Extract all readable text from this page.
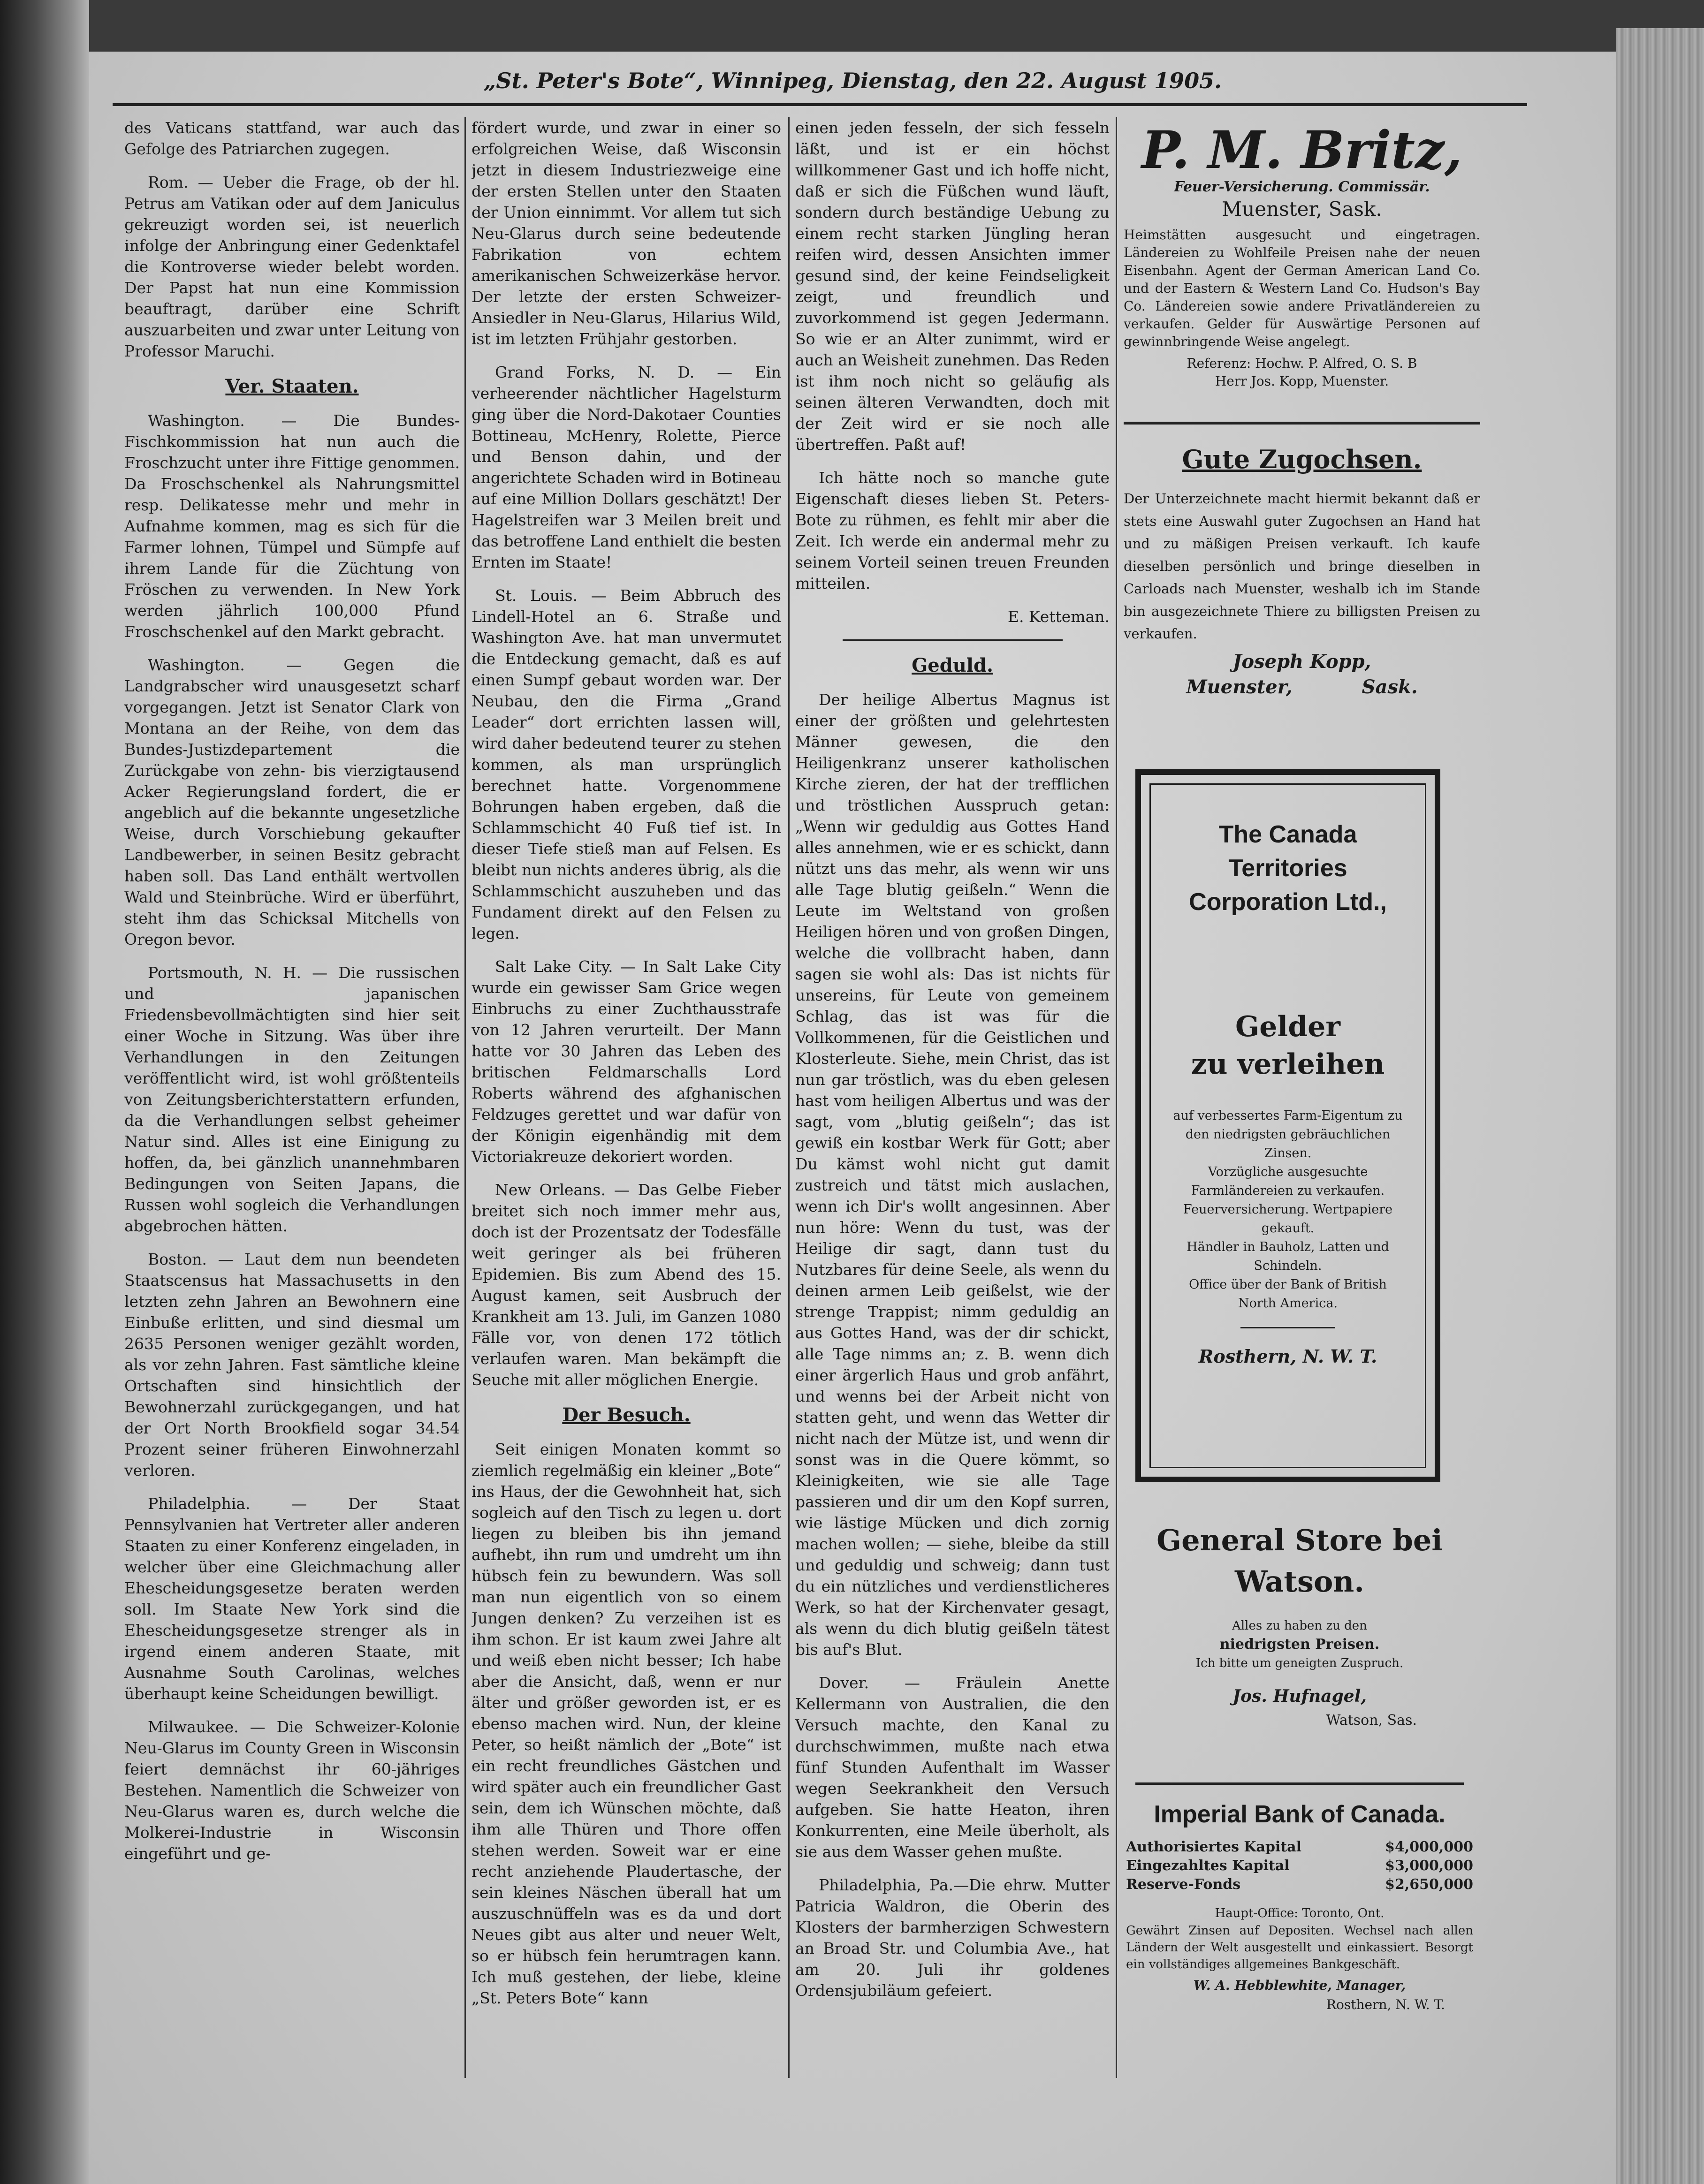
„St. Peter's Bote“, Winnipeg, Dienstag, den 22. August 1905.

des Vaticans stattfand, war auch das Gefolge des Patriarchen zugegen.

Rom. — Ueber die Frage, ob der hl. Petrus am Vatikan oder auf dem Janiculus gekreuzigt worden sei, ist neuerlich infolge der Anbringung einer Gedenktafel die Kontroverse wieder belebt worden. Der Papst hat nun eine Kommission beauftragt, darüber eine Schrift auszuarbeiten und zwar unter Leitung von Professor Maruchi.

Ver. Staaten.

Washington. — Die Bundes-Fischkommission hat nun auch die Froschzucht unter ihre Fittige genommen. Da Froschschenkel als Nahrungsmittel resp. Delikatesse mehr und mehr in Aufnahme kommen, mag es sich für die Farmer lohnen, Tümpel und Sümpfe auf ihrem Lande für die Züchtung von Fröschen zu verwenden. In New York werden jährlich 100,000 Pfund Froschschenkel auf den Markt gebracht.

Washington. — Gegen die Landgrabscher wird unausgesetzt scharf vorgegangen. Jetzt ist Senator Clark von Montana an der Reihe, von dem das Bundes-Justizdepartement die Zurückgabe von zehn- bis vierzigtausend Acker Regierungsland fordert, die er angeblich auf die bekannte ungesetzliche Weise, durch Vorschiebung gekaufter Landbewerber, in seinen Besitz gebracht haben soll. Das Land enthält wertvollen Wald und Steinbrüche. Wird er überführt, steht ihm das Schicksal Mitchells von Oregon bevor.

Portsmouth, N. H. — Die russischen und japanischen Friedensbevollmächtigten sind hier seit einer Woche in Sitzung. Was über ihre Verhandlungen in den Zeitungen veröffentlicht wird, ist wohl größtenteils von Zeitungsberichterstattern erfunden, da die Verhandlungen selbst geheimer Natur sind. Alles ist eine Einigung zu hoffen, da, bei gänzlich unannehmbaren Bedingungen von Seiten Japans, die Russen wohl sogleich die Verhandlungen abgebrochen hätten.

Boston. — Laut dem nun beendeten Staatscensus hat Massachusetts in den letzten zehn Jahren an Bewohnern eine Einbuße erlitten, und sind diesmal um 2635 Personen weniger gezählt worden, als vor zehn Jahren. Fast sämtliche kleine Ortschaften sind hinsichtlich der Bewohnerzahl zurückgegangen, und hat der Ort North Brookfield sogar 34.54 Prozent seiner früheren Einwohnerzahl verloren.

Philadelphia. — Der Staat Pennsylvanien hat Vertreter aller anderen Staaten zu einer Konferenz eingeladen, in welcher über eine Gleichmachung aller Ehescheidungsgesetze beraten werden soll. Im Staate New York sind die Ehescheidungsgesetze strenger als in irgend einem anderen Staate, mit Ausnahme South Carolinas, welches überhaupt keine Scheidungen bewilligt.

Milwaukee. — Die Schweizer-Kolonie Neu-Glarus im County Green in Wisconsin feiert demnächst ihr 60-jähriges Bestehen. Namentlich die Schweizer von Neu-Glarus waren es, durch welche die Molkerei-Industrie in Wisconsin eingeführt und ge-

fördert wurde, und zwar in einer so erfolgreichen Weise, daß Wisconsin jetzt in diesem Industriezweige eine der ersten Stellen unter den Staaten der Union einnimmt. Vor allem tut sich Neu-Glarus durch seine bedeutende Fabrikation von echtem amerikanischen Schweizerkäse hervor. Der letzte der ersten Schweizer-Ansiedler in Neu-Glarus, Hilarius Wild, ist im letzten Frühjahr gestorben.

Grand Forks, N. D. — Ein verheerender nächtlicher Hagelsturm ging über die Nord-Dakotaer Counties Bottineau, McHenry, Rolette, Pierce und Benson dahin, und der angerichtete Schaden wird in Botineau auf eine Million Dollars geschätzt! Der Hagelstreifen war 3 Meilen breit und das betroffene Land enthielt die besten Ernten im Staate!

St. Louis. — Beim Abbruch des Lindell-Hotel an 6. Straße und Washington Ave. hat man unvermutet die Entdeckung gemacht, daß es auf einen Sumpf gebaut worden war. Der Neubau, den die Firma „Grand Leader“ dort errichten lassen will, wird daher bedeutend teurer zu stehen kommen, als man ursprünglich berechnet hatte. Vorgenommene Bohrungen haben ergeben, daß die Schlammschicht 40 Fuß tief ist. In dieser Tiefe stieß man auf Felsen. Es bleibt nun nichts anderes übrig, als die Schlammschicht auszuheben und das Fundament direkt auf den Felsen zu legen.

Salt Lake City. — In Salt Lake City wurde ein gewisser Sam Grice wegen Einbruchs zu einer Zuchthausstrafe von 12 Jahren verurteilt. Der Mann hatte vor 30 Jahren das Leben des britischen Feldmarschalls Lord Roberts während des afghanischen Feldzuges gerettet und war dafür von der Königin eigenhändig mit dem Victoriakreuze dekoriert worden.

New Orleans. — Das Gelbe Fieber breitet sich noch immer mehr aus, doch ist der Prozentsatz der Todesfälle weit geringer als bei früheren Epidemien. Bis zum Abend des 15. August kamen, seit Ausbruch der Krankheit am 13. Juli, im Ganzen 1080 Fälle vor, von denen 172 tötlich verlaufen waren. Man bekämpft die Seuche mit aller möglichen Energie.

Der Besuch.

Seit einigen Monaten kommt so ziemlich regelmäßig ein kleiner „Bote“ ins Haus, der die Gewohnheit hat, sich sogleich auf den Tisch zu legen u. dort liegen zu bleiben bis ihn jemand aufhebt, ihn rum und umdreht um ihn hübsch fein zu bewundern. Was soll man nun eigentlich von so einem Jungen denken? Zu verzeihen ist es ihm schon. Er ist kaum zwei Jahre alt und weiß eben nicht besser; Ich habe aber die Ansicht, daß, wenn er nur älter und größer geworden ist, er es ebenso machen wird. Nun, der kleine Peter, so heißt nämlich der „Bote“ ist ein recht freundliches Gästchen und wird später auch ein freundlicher Gast sein, dem ich Wünschen möchte, daß ihm alle Thüren und Thore offen stehen werden. Soweit war er eine recht anziehende Plaudertasche, der sein kleines Näschen überall hat um auszuschnüffeln was es da und dort Neues gibt aus alter und neuer Welt, so er hübsch fein herumtragen kann. Ich muß gestehen, der liebe, kleine „St. Peters Bote“ kann

einen jeden fesseln, der sich fesseln läßt, und ist er ein höchst willkommener Gast und ich hoffe nicht, daß er sich die Füßchen wund läuft, sondern durch beständige Uebung zu einem recht starken Jüngling heran reifen wird, dessen Ansichten immer gesund sind, der keine Feindseligkeit zeigt, und freundlich und zuvorkommend ist gegen Jedermann. So wie er an Alter zunimmt, wird er auch an Weisheit zunehmen. Das Reden ist ihm noch nicht so geläufig als seinen älteren Verwandten, doch mit der Zeit wird er sie noch alle übertreffen. Paßt auf!

Ich hätte noch so manche gute Eigenschaft dieses lieben St. Peters-Bote zu rühmen, es fehlt mir aber die Zeit. Ich werde ein andermal mehr zu seinem Vorteil seinen treuen Freunden mitteilen.

E. Ketteman.

Geduld.

Der heilige Albertus Magnus ist einer der größten und gelehrtesten Männer gewesen, die den Heiligenkranz unserer katholischen Kirche zieren, der hat der trefflichen und tröstlichen Ausspruch getan: „Wenn wir geduldig aus Gottes Hand alles annehmen, wie er es schickt, dann nützt uns das mehr, als wenn wir uns alle Tage blutig geißeln.“ Wenn die Leute im Weltstand von großen Heiligen hören und von großen Dingen, welche die vollbracht haben, dann sagen sie wohl als: Das ist nichts für unsereins, für Leute von gemeinem Schlag, das ist was für die Vollkommenen, für die Geistlichen und Klosterleute. Siehe, mein Christ, das ist nun gar tröstlich, was du eben gelesen hast vom heiligen Albertus und was der sagt, vom „blutig geißeln“; das ist gewiß ein kostbar Werk für Gott; aber Du kämst wohl nicht gut damit zustreich und tätst mich auslachen, wenn ich Dir's wollt angesinnen. Aber nun höre: Wenn du tust, was der Heilige dir sagt, dann tust du Nutzbares für deine Seele, als wenn du deinen armen Leib geißelst, wie der strenge Trappist; nimm geduldig an aus Gottes Hand, was der dir schickt, alle Tage nimms an; z. B. wenn dich einer ärgerlich Haus und grob anfährt, und wenns bei der Arbeit nicht von statten geht, und wenn das Wetter dir nicht nach der Mütze ist, und wenn dir sonst was in die Quere kömmt, so Kleinigkeiten, wie sie alle Tage passieren und dir um den Kopf surren, wie lästige Mücken und dich zornig machen wollen; — siehe, bleibe da still und geduldig und schweig; dann tust du ein nützliches und verdienstlicheres Werk, so hat der Kirchenvater gesagt, als wenn du dich blutig geißeln tätest bis auf's Blut.

Dover. — Fräulein Anette Kellermann von Australien, die den Versuch machte, den Kanal zu durchschwimmen, mußte nach etwa fünf Stunden Aufenthalt im Wasser wegen Seekrankheit den Versuch aufgeben. Sie hatte Heaton, ihren Konkurrenten, eine Meile überholt, als sie aus dem Wasser gehen mußte.

Philadelphia, Pa.—Die ehrw. Mutter Patricia Waldron, die Oberin des Klosters der barmherzigen Schwestern an Broad Str. und Columbia Ave., hat am 20. Juli ihr goldenes Ordensjubiläum gefeiert.

P. M. Britz,
Feuer-Versicherung. Commissär.
Muenster, Sask.
Heimstätten ausgesucht und eingetragen. Ländereien zu Wohlfeile Preisen nahe der neuen Eisenbahn. Agent der German American Land Co. und der Eastern & Western Land Co. Hudson's Bay Co. Ländereien sowie andere Privatländereien zu verkaufen. Gelder für Auswärtige Personen auf gewinnbringende Weise angelegt.
Referenz: Hochw. P. Alfred, O. S. B
Herr Jos. Kopp, Muenster.
Gute Zugochsen.
Der Unterzeichnete macht hiermit bekannt daß er stets eine Auswahl guter Zugochsen an Hand hat und zu mäßigen Preisen verkauft. Ich kaufe dieselben persönlich und bringe dieselben in Carloads nach Muenster, weshalb ich im Stande bin ausgezeichnete Thiere zu billigsten Preisen zu verkaufen.
Joseph Kopp,
Muenster,	Sask.
The Canada Territories
Corporation Ltd.,
Gelder
zu verleihen
auf verbessertes Farm-Eigentum zu den niedrigsten gebräuchlichen Zinsen.
Vorzügliche ausgesuchte Farmländereien zu verkaufen.
Feuerversicherung. Wertpapiere gekauft.
Händler in Bauholz, Latten und Schindeln.
Office über der Bank of British North America.
Rosthern, N. W. T.
General Store bei
Watson.
Alles zu haben zu den
niedrigsten Preisen.
Ich bitte um geneigten Zuspruch.
Jos. Hufnagel,
Watson, Sas.
Imperial Bank of Canada.
Authorisiertes Kapital	$4,000,000
Eingezahltes Kapital	$3,000,000
Reserve-Fonds	$2,650,000
Haupt-Office: Toronto, Ont.
Gewährt Zinsen auf Depositen. Wechsel nach allen Ländern der Welt ausgestellt und einkassiert. Besorgt ein vollständiges allgemeines Bankgeschäft.
W. A. Hebblewhite, Manager,
Rosthern, N. W. T.
